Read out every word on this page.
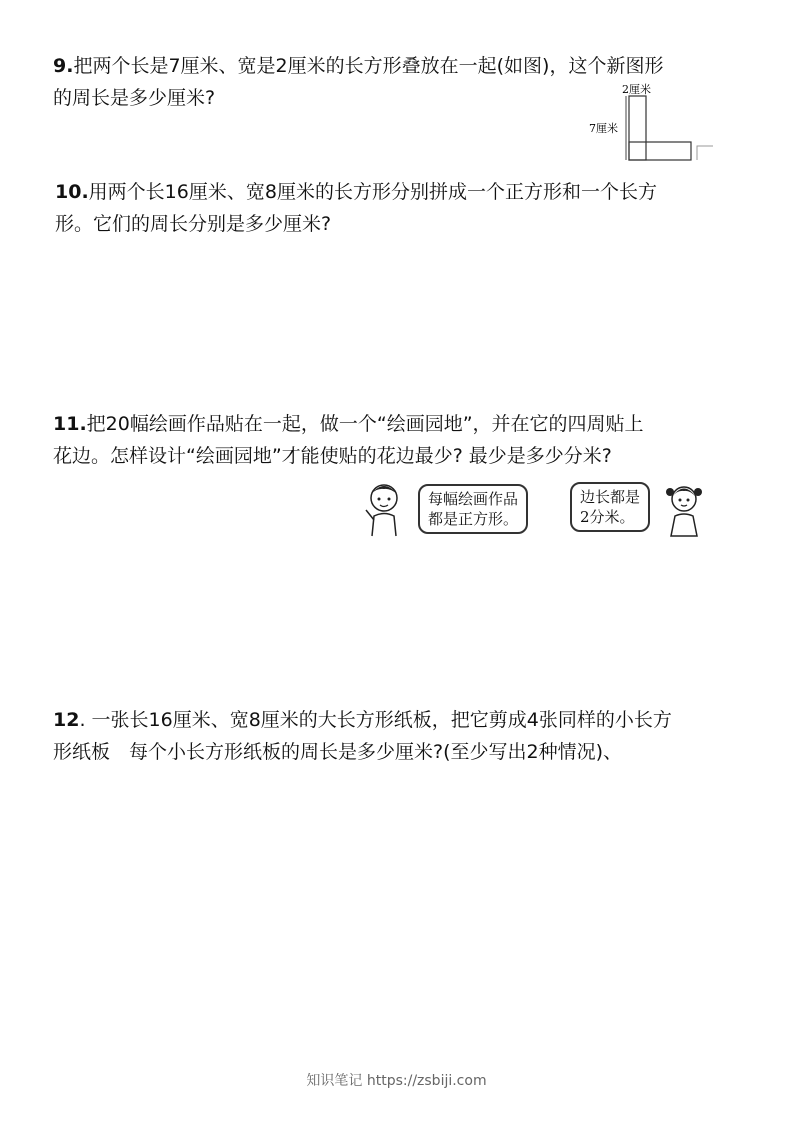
9.把两个长是7厘米、宽是2厘米的长方形叠放在一起(如图)，这个新图形
的周长是多少厘米?	2厘米
7厘米
10.用两个长16厘米、宽8厘米的长方形分别拼成一个正方形和一个长方
形。它们的周长分别是多少厘米?
11.把20幅绘画作品贴在一起，做一个“绘画园地”，并在它的四周贴上
花边。怎样设计“绘画园地”才能使贴的花边最少? 最少是多少分米?
每幅绘画作品
都是正方形。
边长都是
2分米。
12. 一张长16厘米、宽8厘米的大长方形纸板，把它剪成4张同样的小长方
形纸板　每个小长方形纸板的周长是多少厘米?(至少写出2种情况)、
知识笔记 https://zsbiji.com
